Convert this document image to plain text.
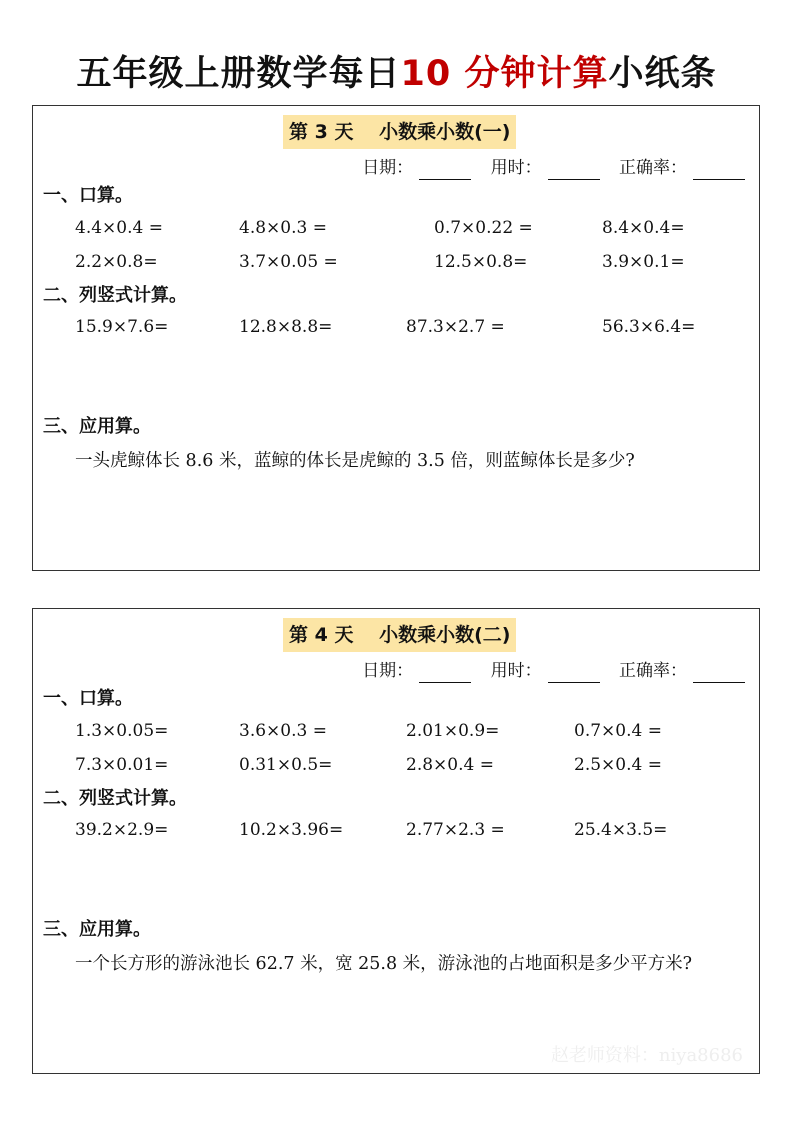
五年级上册数学每日10 分钟计算小纸条
第 3 天　 小数乘小数(一)
日期：	用时：	正确率：
一、口算。
4.4×0.4 =	4.8×0.3 =	0.7×0.22 =	8.4×0.4=
2.2×0.8=	3.7×0.05 =	12.5×0.8=	3.9×0.1=
二、列竖式计算。
15.9×7.6=	12.8×8.8=	87.3×2.7 =	56.3×6.4=
三、应用算。
一头虎鲸体长 8.6 米，蓝鲸的体长是虎鲸的 3.5 倍，则蓝鲸体长是多少?
第 4 天　 小数乘小数(二)
日期：	用时：	正确率：
一、口算。
1.3×0.05=	3.6×0.3 =	2.01×0.9=	0.7×0.4 =
7.3×0.01=	0.31×0.5=	2.8×0.4 =	2.5×0.4 =
二、列竖式计算。
39.2×2.9=	10.2×3.96=	2.77×2.3 =	25.4×3.5=
三、应用算。
一个长方形的游泳池长 62.7 米，宽 25.8 米，游泳池的占地面积是多少平方米?
赵老师资料：niya8686
